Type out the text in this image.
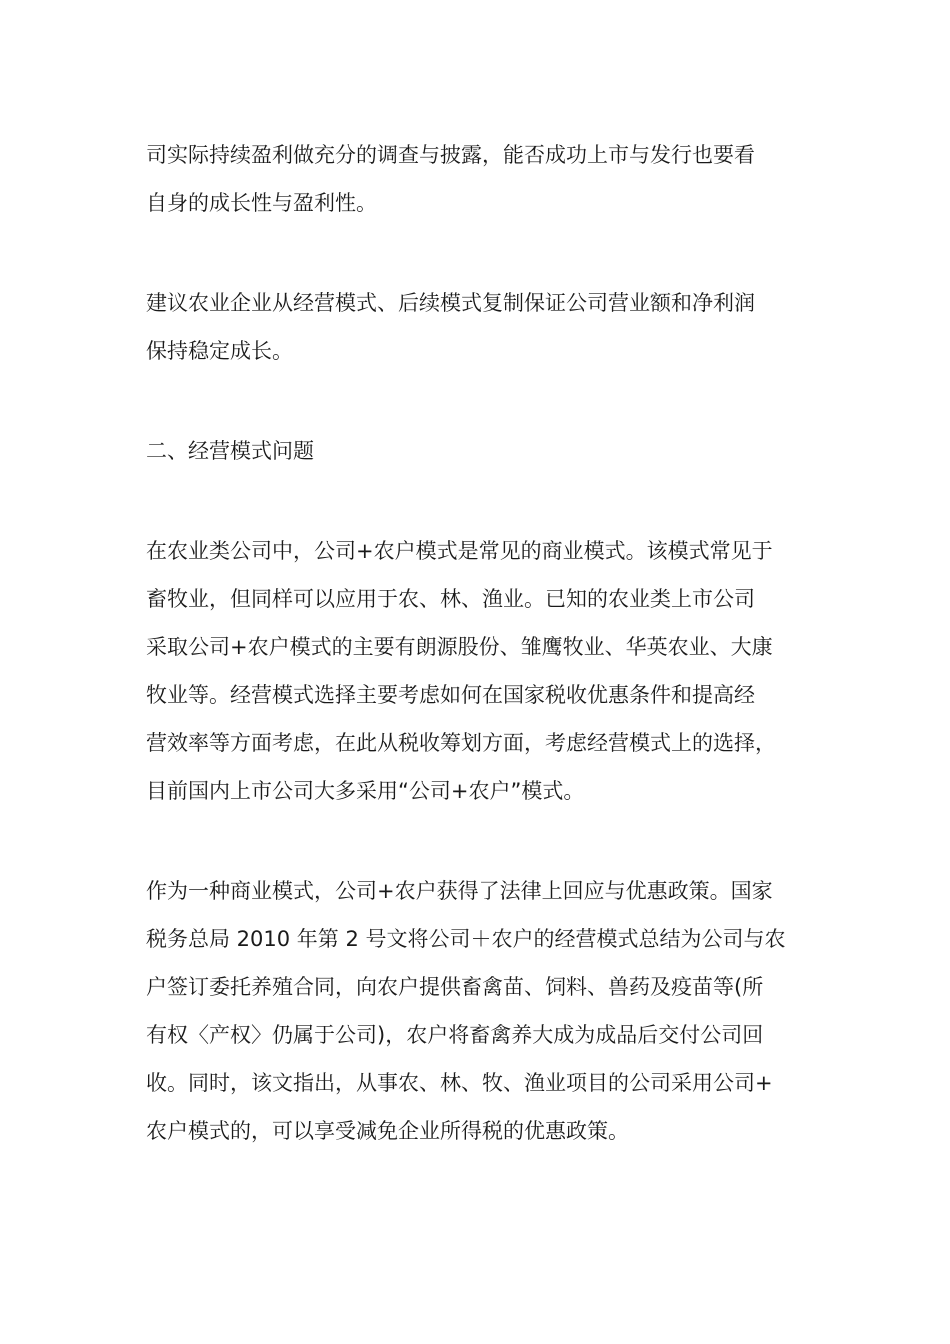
司实际持续盈利做充分的调查与披露，能否成功上市与发行也要看
自身的成长性与盈利性。

建议农业企业从经营模式、后续模式复制保证公司营业额和净利润
保持稳定成长。

二、经营模式问题

在农业类公司中，公司+农户模式是常见的商业模式。该模式常见于
畜牧业，但同样可以应用于农、林、渔业。已知的农业类上市公司
采取公司+农户模式的主要有朗源股份、雏鹰牧业、华英农业、大康
牧业等。经营模式选择主要考虑如何在国家税收优惠条件和提高经
营效率等方面考虑，在此从税收筹划方面，考虑经营模式上的选择，
目前国内上市公司大多采用“公司+农户”模式。

作为一种商业模式，公司+农户获得了法律上回应与优惠政策。国家
税务总局 2010 年第 2 号文将公司＋农户的经营模式总结为公司与农
户签订委托养殖合同，向农户提供畜禽苗、饲料、兽药及疫苗等(所
有权〈产权〉仍属于公司)，农户将畜禽养大成为成品后交付公司回
收。同时，该文指出，从事农、林、牧、渔业项目的公司采用公司+
农户模式的，可以享受减免企业所得税的优惠政策。
